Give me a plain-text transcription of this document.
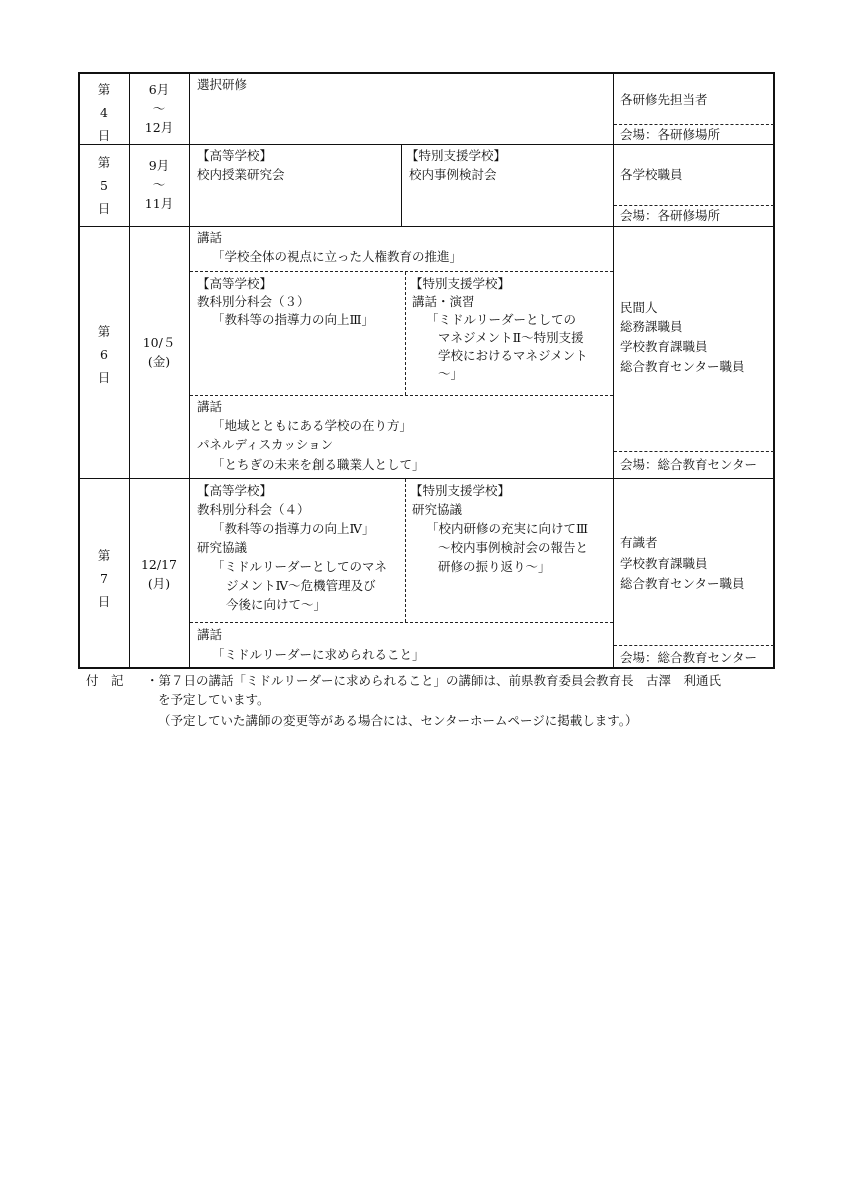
第
4
日
6月
～
12月
選択研修
各研修先担当者
会場：各研修場所
第
5
日
9月
～
11月
【高等学校】
校内授業研究会
【特別支援学校】
校内事例検討会	各学校職員
会場：各研修場所
第
6
日
10/５
(金)
講話
「学校全体の視点に立った人権教育の推進」
【高等学校】
教科別分科会（３）
「教科等の指導力の向上Ⅲ」
【特別支援学校】
講話・演習
「ミドルリーダーとしての
マネジメントⅡ～特別支援
学校におけるマネジメント
～」
講話
「地域とともにある学校の在り方」
パネルディスカッション
「とちぎの未来を創る職業人として」
民間人
総務課職員
学校教育課職員
総合教育センター職員
会場：総合教育センター
第
7
日
12/17
(月)
【高等学校】
教科別分科会（４）
「教科等の指導力の向上Ⅳ」
研究協議
「ミドルリーダーとしてのマネ
ジメントⅣ～危機管理及び
今後に向けて～」
【特別支援学校】
研究協議
「校内研修の充実に向けてⅢ
～校内事例検討会の報告と
研修の振り返り～」
講話
「ミドルリーダーに求められること」
有識者
学校教育課職員
総合教育センター職員
会場：総合教育センター
付　記 ・第７日の講話「ミドルリーダーに求められること」の講師は、前県教育委員会教育長　古澤　利通氏
を予定しています。
（予定していた講師の変更等がある場合には、センターホームページに掲載します。）
